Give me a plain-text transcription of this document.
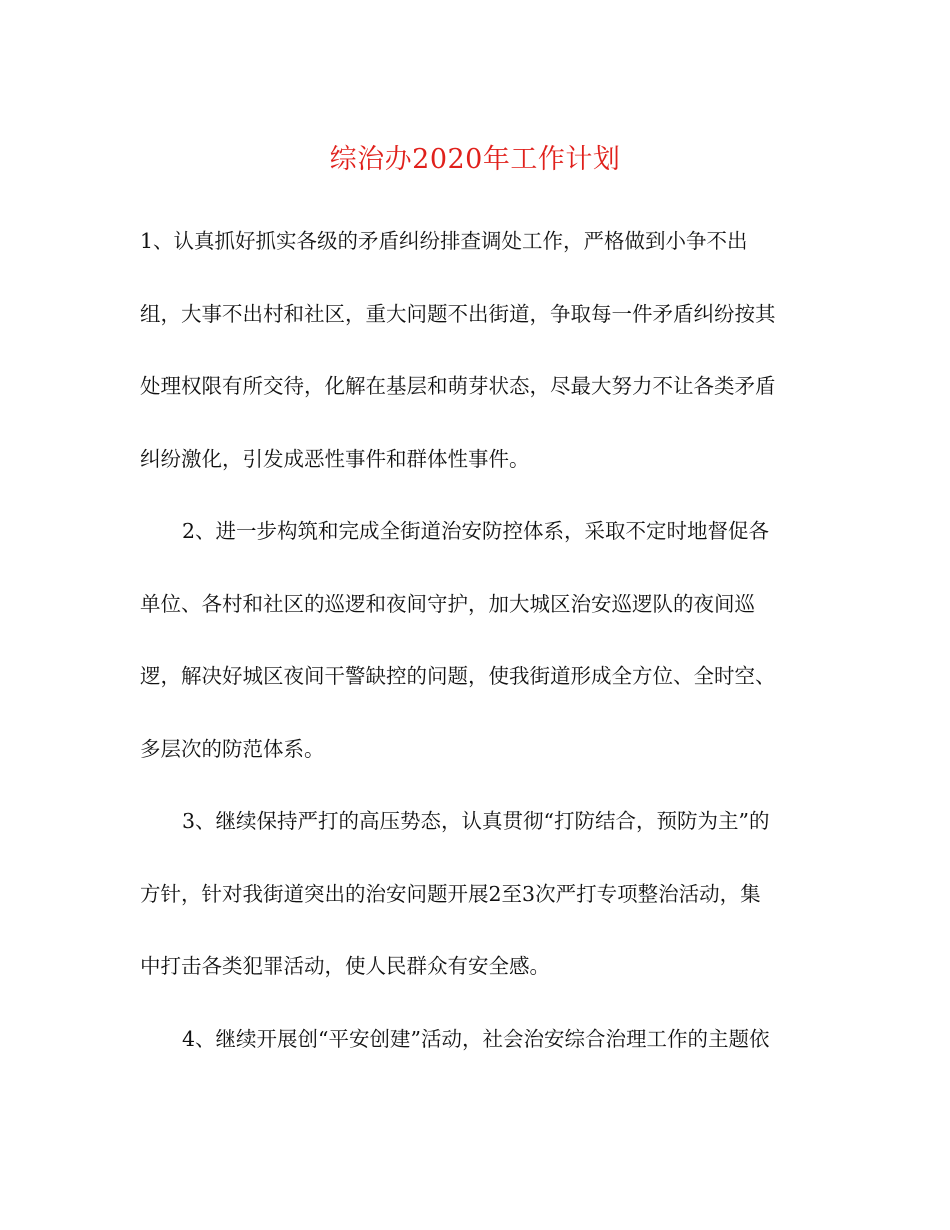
综治办2020年工作计划
1、认真抓好抓实各级的矛盾纠纷排查调处工作，严格做到小争不出
组，大事不出村和社区，重大问题不出街道，争取每一件矛盾纠纷按其
处理权限有所交待，化解在基层和萌芽状态，尽最大努力不让各类矛盾
纠纷激化，引发成恶性事件和群体性事件。
2、进一步构筑和完成全街道治安防控体系，采取不定时地督促各
单位、各村和社区的巡逻和夜间守护，加大城区治安巡逻队的夜间巡
逻，解决好城区夜间干警缺控的问题，使我街道形成全方位、全时空、
多层次的防范体系。
3、继续保持严打的高压势态，认真贯彻“打防结合，预防为主”的
方针，针对我街道突出的治安问题开展2至3次严打专项整治活动，集
中打击各类犯罪活动，使人民群众有安全感。
4、继续开展创“平安创建”活动，社会治安综合治理工作的主题依
